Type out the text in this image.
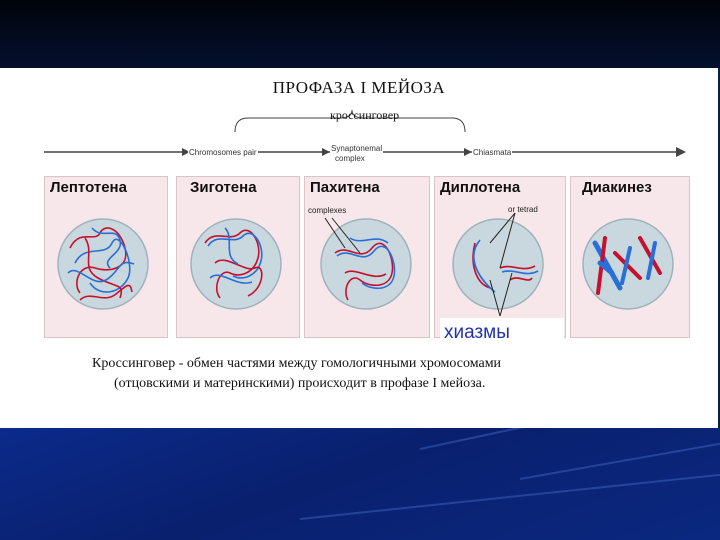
ПРОФАЗА I МЕЙОЗА
кроссинговер
Chromosomes pair	Synaptonemal
complex
Chiasmata
Лептотена	Зиготена	Пахитена	Диплотена	Диакинез
complexes	or tetrad
хиазмы
Кроссинговер - обмен частями между гомологичными хромосомами
(отцовскими и материнскими) происходит в профазе I мейоза.
